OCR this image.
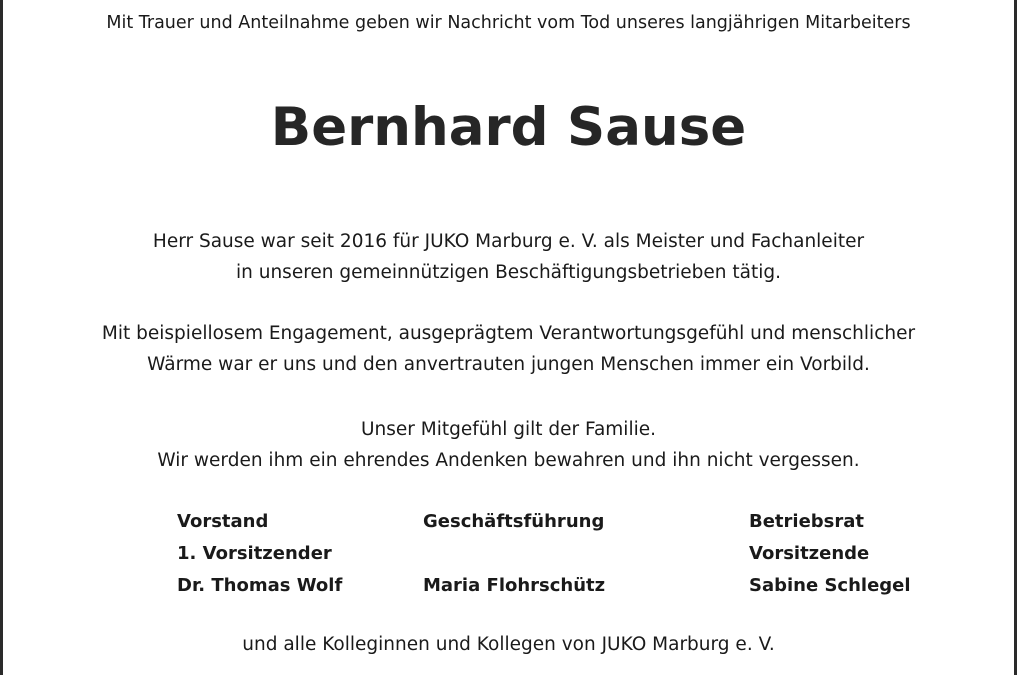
Mit Trauer und Anteilnahme geben wir Nachricht vom Tod unseres langjährigen Mitarbeiters
Bernhard Sause
Herr Sause war seit 2016 für JUKO Marburg e. V. als Meister und Fachanleiter
in unseren gemeinnützigen Beschäftigungsbetrieben tätig.
Mit beispiellosem Engagement, ausgeprägtem Verantwortungsgefühl und menschlicher
Wärme war er uns und den anvertrauten jungen Menschen immer ein Vorbild.
Unser Mitgefühl gilt der Familie.
Wir werden ihm ein ehrendes Andenken bewahren und ihn nicht vergessen.
Vorstand
1. Vorsitzender
Dr. Thomas Wolf
Geschäftsführung
Maria Flohrschütz
Betriebsrat
Vorsitzende
Sabine Schlegel
und alle Kolleginnen und Kollegen von JUKO Marburg e. V.
